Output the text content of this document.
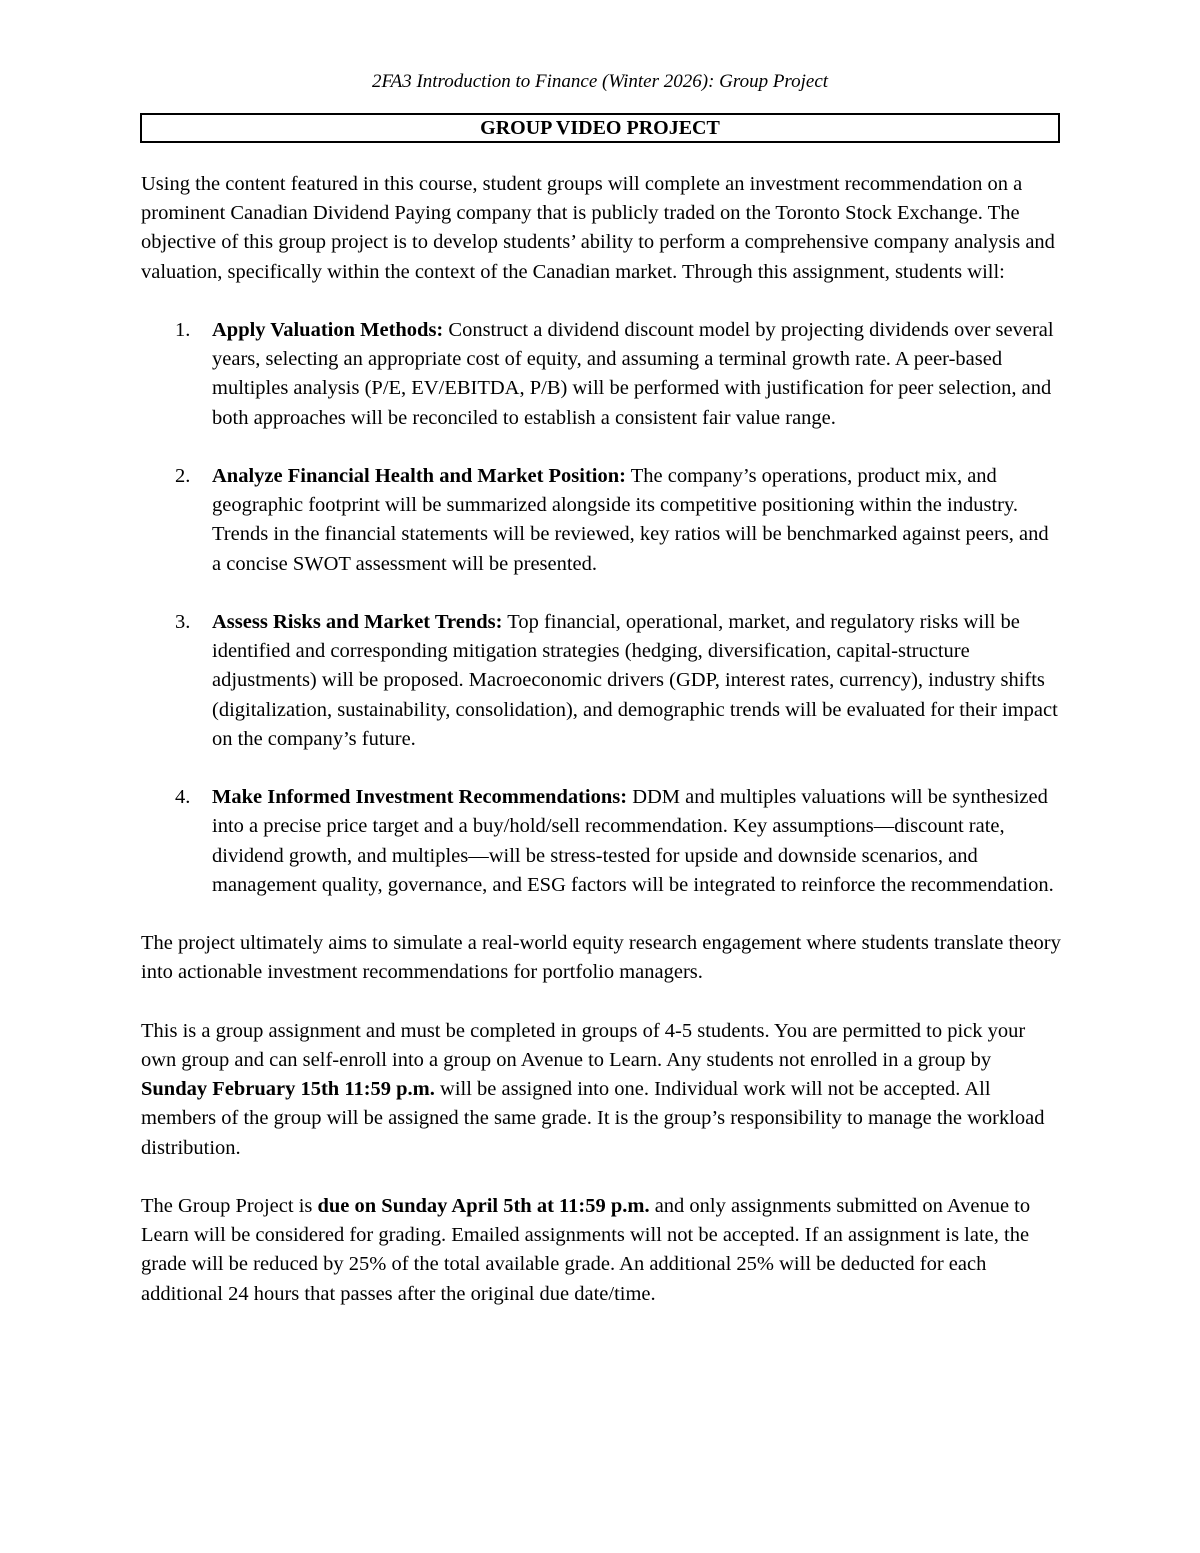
2FA3 Introduction to Finance (Winter 2026): Group Project
GROUP VIDEO PROJECT

Using the content featured in this course, student groups will complete an investment recommendation on a prominent Canadian Dividend Paying company that is publicly traded on the Toronto Stock Exchange. The objective of this group project is to develop students’ ability to perform a comprehensive company analysis and valuation, specifically within the context of the Canadian market. Through this assignment, students will:

1. Apply Valuation Methods: Construct a dividend discount model by projecting dividends over several years, selecting an appropriate cost of equity, and assuming a terminal growth rate. A peer-based multiples analysis (P/E, EV/EBITDA, P/B) will be performed with justification for peer selection, and both approaches will be reconciled to establish a consistent fair value range.
2. Analyze Financial Health and Market Position: The company’s operations, product mix, and geographic footprint will be summarized alongside its competitive positioning within the industry. Trends in the financial statements will be reviewed, key ratios will be benchmarked against peers, and a concise SWOT assessment will be presented.
3. Assess Risks and Market Trends: Top financial, operational, market, and regulatory risks will be identified and corresponding mitigation strategies (hedging, diversification, capital-structure adjustments) will be proposed. Macroeconomic drivers (GDP, interest rates, currency), industry shifts (digitalization, sustainability, consolidation), and demographic trends will be evaluated for their impact on the company’s future.
4. Make Informed Investment Recommendations: DDM and multiples valuations will be synthesized into a precise price target and a buy/hold/sell recommendation. Key assumptions—discount rate, dividend growth, and multiples—will be stress-tested for upside and downside scenarios, and management quality, governance, and ESG factors will be integrated to reinforce the recommendation.

The project ultimately aims to simulate a real-world equity research engagement where students translate theory into actionable investment recommendations for portfolio managers.

This is a group assignment and must be completed in groups of 4-5 students. You are permitted to pick your own group and can self-enroll into a group on Avenue to Learn. Any students not enrolled in a group by Sunday February 15th 11:59 p.m. will be assigned into one. Individual work will not be accepted. All members of the group will be assigned the same grade. It is the group’s responsibility to manage the workload distribution.

The Group Project is due on Sunday April 5th at 11:59 p.m. and only assignments submitted on Avenue to Learn will be considered for grading. Emailed assignments will not be accepted. If an assignment is late, the grade will be reduced by 25% of the total available grade. An additional 25% will be deducted for each additional 24 hours that passes after the original due date/time.
